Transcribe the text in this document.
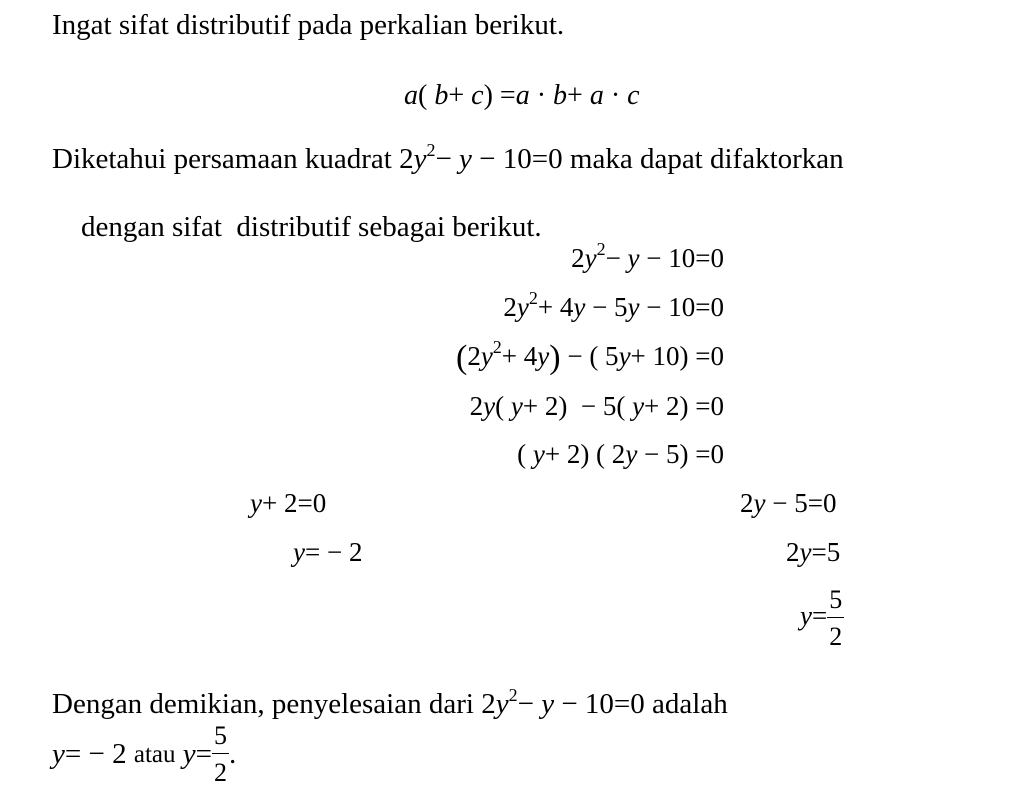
Ingat sifat distributif pada perkalian berikut.
a( b+ c) =a · b+ a · c
Diketahui persamaan kuadrat $2y^2- y - 10=0$ maka dapat difaktorkan

dengan sifat  distributif sebagai berikut.

$2y^2- y - 10=0$
$2y^2+ 4y - 5y - 10=0$
$(2y^2+ 4y)$ − ( 5y+ 10) =0
2y( y+ 2)  − 5( y+ 2) =0
( y+ 2) ( 2y − 5) =0
y+ 2=0
y= − 2
2y − 5=0
2y=5
$y= \frac{5}{2}$
Dengan demikian, penyelesaian dari $2y^2- y - 10=0$ adalah
y= − 2 atau $y= \frac{5}{2}$ .
